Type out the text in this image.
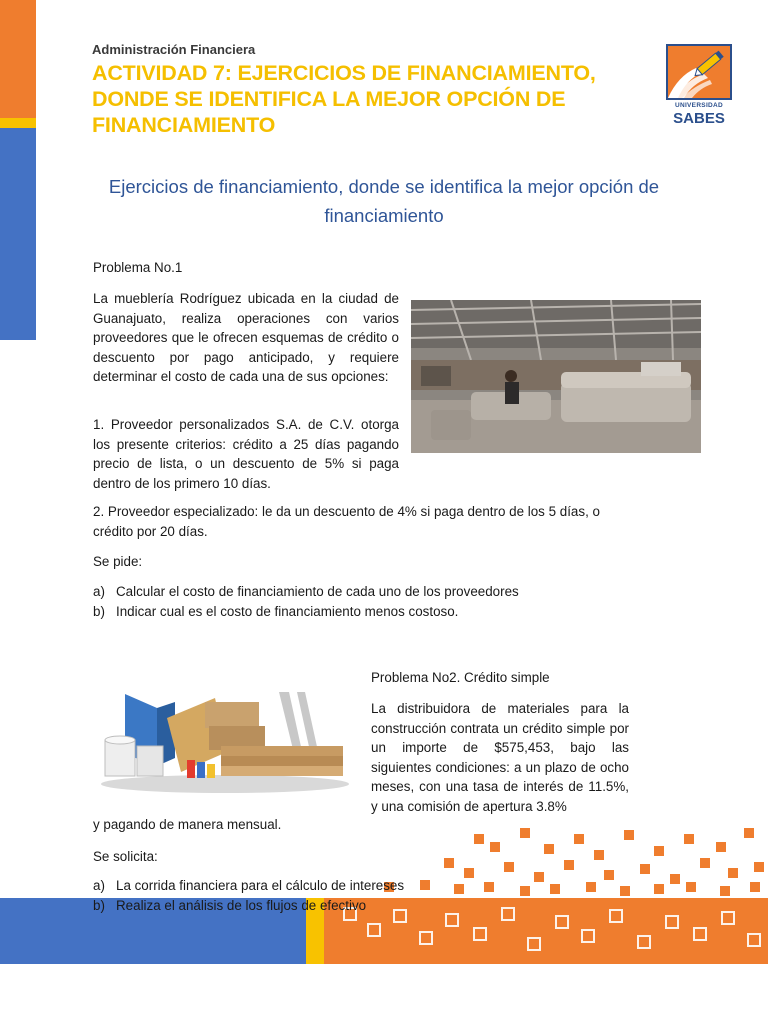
Administración Financiera
ACTIVIDAD 7: EJERCICIOS DE FINANCIAMIENTO, DONDE SE IDENTIFICA LA MEJOR OPCIÓN DE FINANCIAMIENTO
UNIVERSIDAD
SABES
Ejercicios de financiamiento, donde se identifica la mejor opción de financiamiento
Problema No.1
La mueblería Rodríguez ubicada en la ciudad de Guanajuato, realiza operaciones con varios proveedores que le ofrecen esquemas de crédito o descuento por pago anticipado, y requiere determinar el costo de cada una de sus opciones:
1. Proveedor personalizados S.A. de C.V. otorga los presente criterios: crédito a 25 días pagando precio de lista, o un descuento de 5% si paga dentro de los primero 10 días.
2. Proveedor especializado: le da un descuento de 4% si paga dentro de los 5 días, o crédito por 20 días.
Se pide:
a) Calcular el costo de financiamiento de cada uno de los proveedores
b) Indicar cual es el costo de financiamiento menos costoso.
Problema No2. Crédito simple
La distribuidora de materiales para la construcción contrata un crédito simple por un importe de $575,453, bajo las siguientes condiciones: a un plazo de ocho meses, con una tasa de interés de 11.5%, y una comisión de apertura 3.8%
y pagando de manera mensual.
Se solicita:
a) La corrida financiera para el cálculo de intereses
b) Realiza el análisis de los flujos de efectivo
